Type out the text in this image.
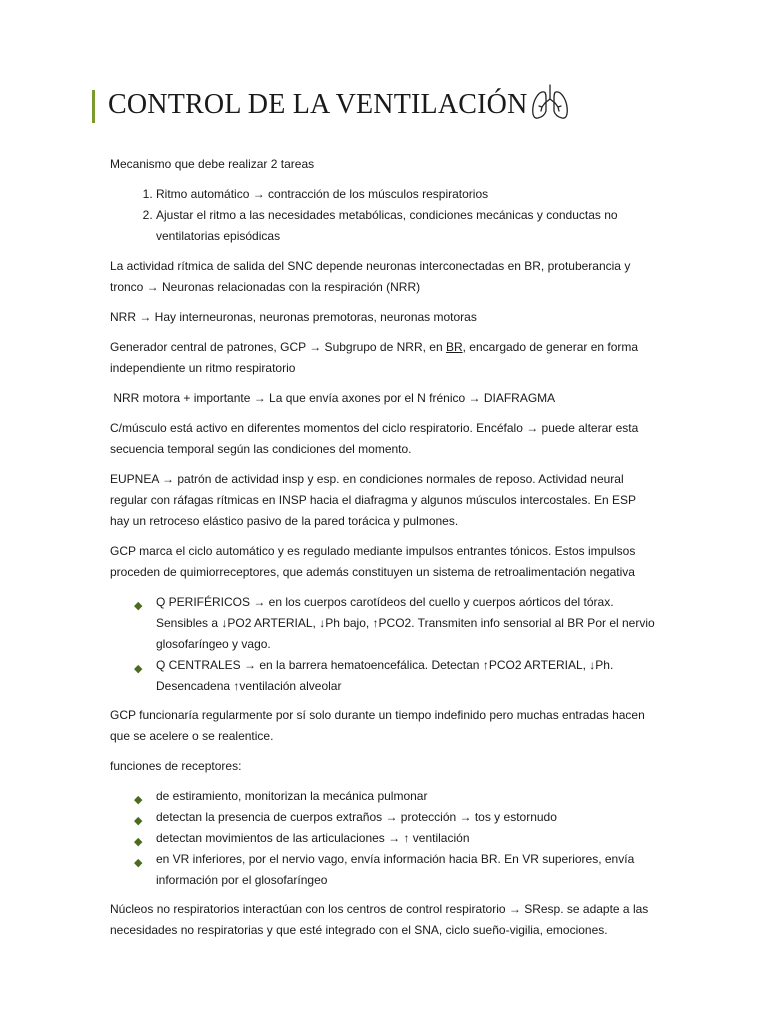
CONTROL DE LA VENTILACIÓN

Mecanismo que debe realizar 2 tareas

1. Ritmo automático → contracción de los músculos respiratorios
2. Ajustar el ritmo a las necesidades metabólicas, condiciones mecánicas y conductas no ventilatorias episódicas

La actividad rítmica de salida del SNC depende neuronas interconectadas en BR, protuberancia y tronco → Neuronas relacionadas con la respiración (NRR)

NRR → Hay interneuronas, neuronas premotoras, neuronas motoras

Generador central de patrones, GCP → Subgrupo de NRR, en BR, encargado de generar en forma independiente un ritmo respiratorio

NRR motora + importante → La que envía axones por el N frénico → DIAFRAGMA

C/músculo está activo en diferentes momentos del ciclo respiratorio. Encéfalo → puede alterar esta secuencia temporal según las condiciones del momento.

EUPNEA → patrón de actividad insp y esp. en condiciones normales de reposo. Actividad neural regular con ráfagas rítmicas en INSP hacia el diafragma y algunos músculos intercostales. En ESP hay un retroceso elástico pasivo de la pared torácica y pulmones.

GCP marca el ciclo automático y es regulado mediante impulsos entrantes tónicos. Estos impulsos proceden de quimiorreceptores, que además constituyen un sistema de retroalimentación negativa

◆ Q PERIFÉRICOS → en los cuerpos carotídeos del cuello y cuerpos aórticos del tórax. Sensibles a ↓PO2 ARTERIAL, ↓Ph bajo, ↑PCO2. Transmiten info sensorial al BR Por el nervio glosofaríngeo y vago.
◆ Q CENTRALES → en la barrera hematoencefálica. Detectan ↑PCO2 ARTERIAL, ↓Ph. Desencadena ↑ventilación alveolar

GCP funcionaría regularmente por sí solo durante un tiempo indefinido pero muchas entradas hacen que se acelere o se realentice.

funciones de receptores:

◆ de estiramiento, monitorizan la mecánica pulmonar
◆ detectan la presencia de cuerpos extraños → protección → tos y estornudo
◆ detectan movimientos de las articulaciones → ↑ ventilación
◆ en VR inferiores, por el nervio vago, envía información hacia BR. En VR superiores, envía información por el glosofaríngeo

Núcleos no respiratorios interactúan con los centros de control respiratorio → SResp. se adapte a las necesidades no respiratorias y que esté integrado con el SNA, ciclo sueño-vigilia, emociones.
